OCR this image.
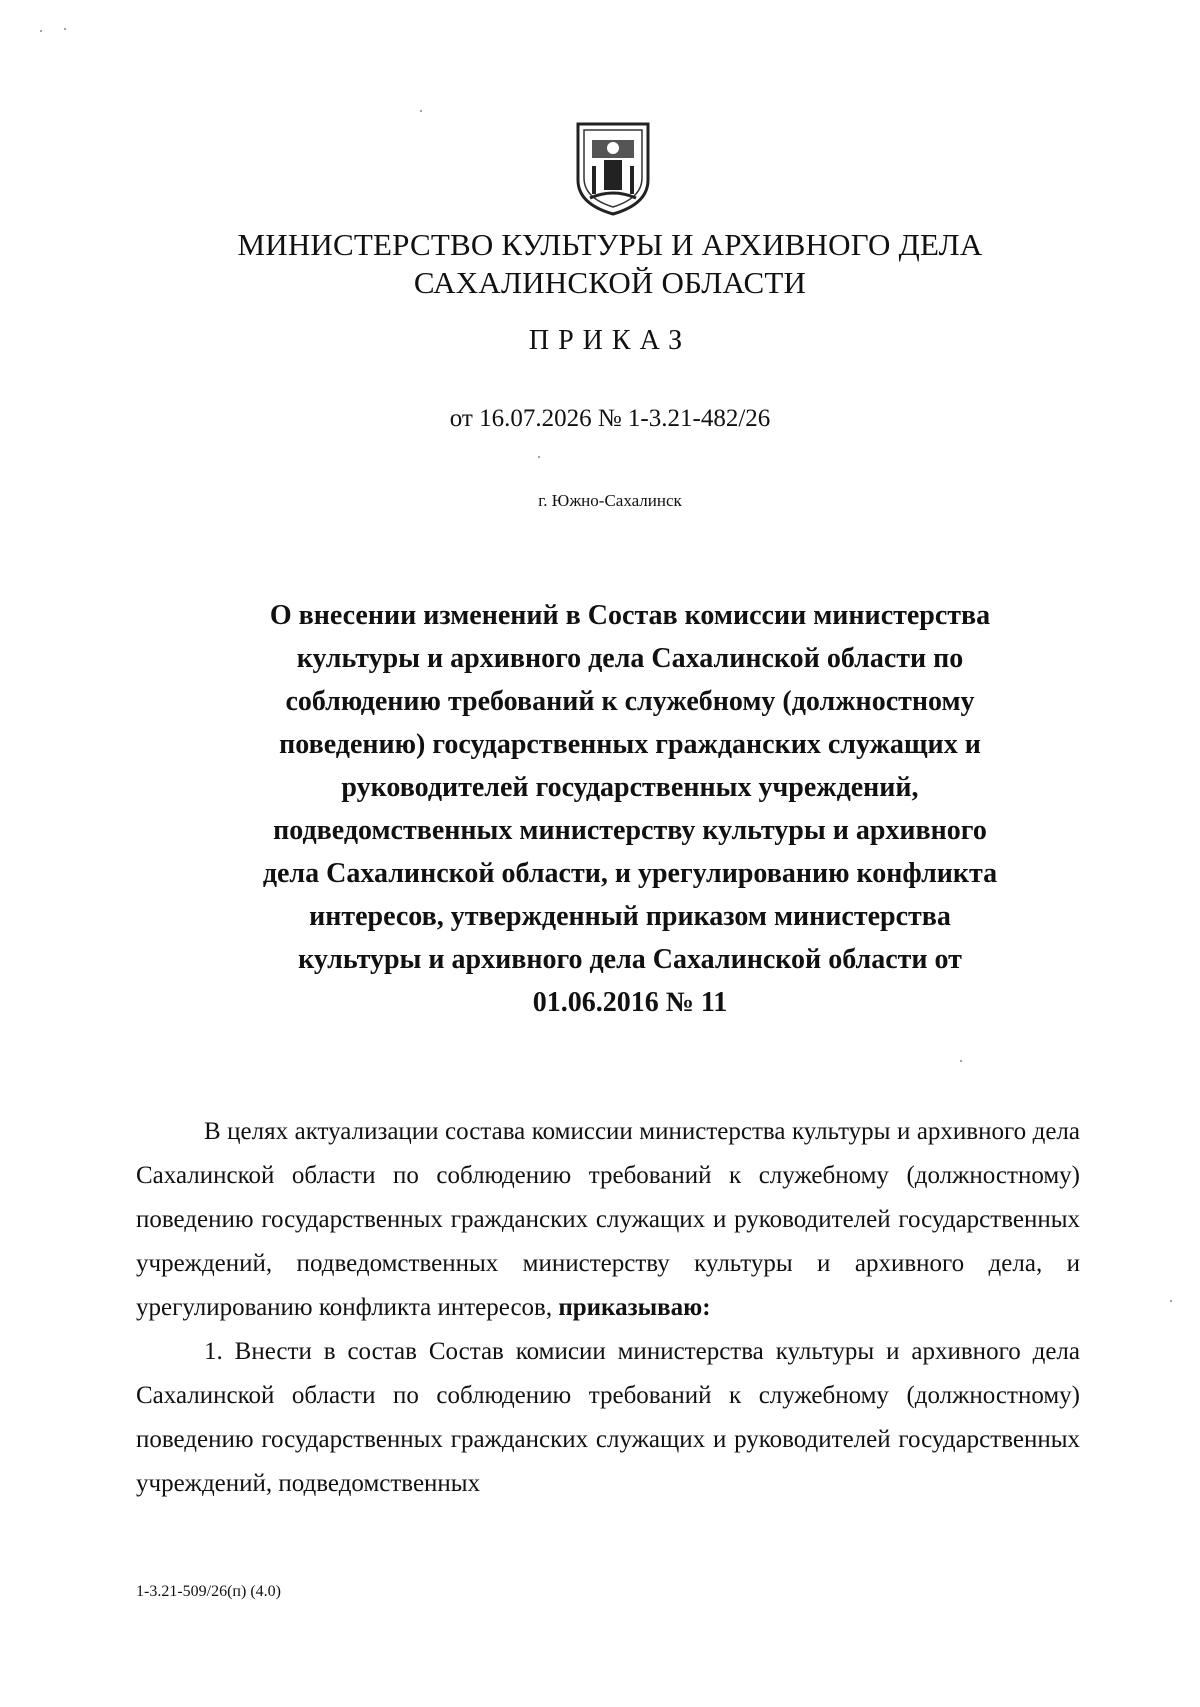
МИНИСТЕРСТВО КУЛЬТУРЫ И АРХИВНОГО ДЕЛА
САХАЛИНСКОЙ ОБЛАСТИ
ПРИКАЗ
от 16.07.2026 № 1-3.21-482/26
г. Южно-Сахалинск
О внесении изменений в Состав комиссии министерства
культуры и архивного дела Сахалинской области по
соблюдению требований к служебному (должностному
поведению) государственных гражданских служащих и
руководителей государственных учреждений,
подведомственных министерству культуры и архивного
дела Сахалинской области, и урегулированию конфликта
интересов, утвержденный приказом министерства
культуры и архивного дела Сахалинской области от
01.06.2016 № 11

В целях актуализации состава комиссии министерства культуры и архивного дела Сахалинской области по соблюдению требований к служебному (должностному) поведению государственных гражданских служащих и руководителей государственных учреждений, подведомственных министерству культуры и архивного дела, и урегулированию конфликта интересов, приказываю:

1. Внести в состав Состав комисии министерства культуры и архивного дела Сахалинской области по соблюдению требований к служебному (должностному) поведению государственных гражданских служащих и руководителей государственных учреждений, подведомственных

1-3.21-509/26(п) (4.0)
